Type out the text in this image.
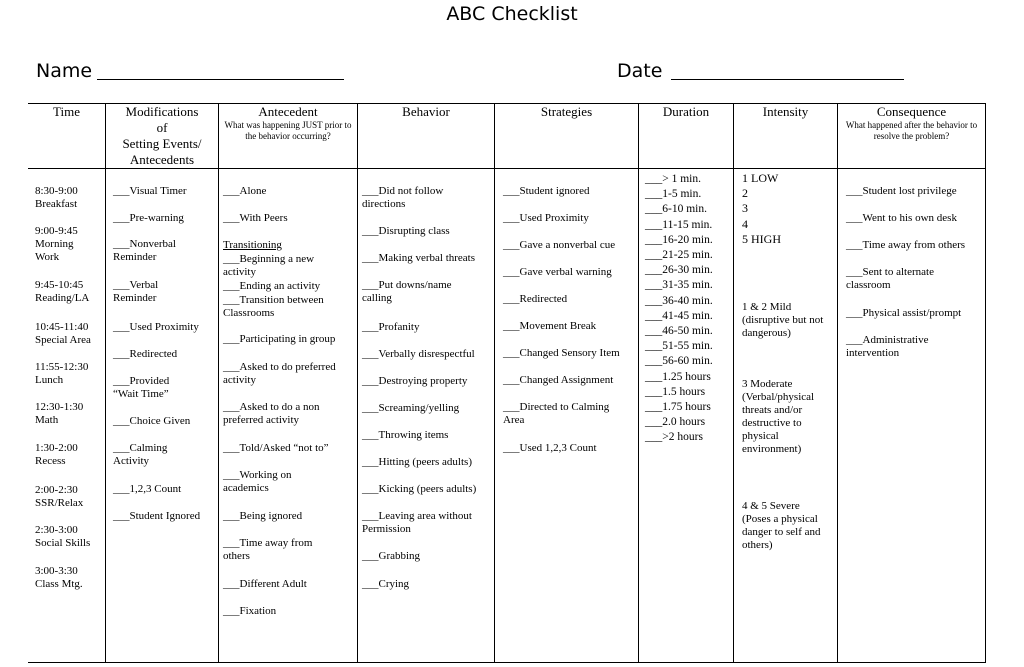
ABC Checklist
Name	Date
Time
8:30-9:00
Breakfast
9:00-9:45
Morning
Work
9:45-10:45
Reading/LA
10:45-11:40
Special Area
11:55-12:30
Lunch
12:30-1:30
Math
1:30-2:00
Recess
2:00-2:30
SSR/Relax
2:30-3:00
Social Skills
3:00-3:30
Class Mtg.
Modifications
of
Setting Events/
Antecedents
___Visual Timer
___Pre-warning
___Nonverbal
Reminder
___Verbal
Reminder
___Used Proximity
___Redirected
___Provided
“Wait Time”
___Choice Given
___Calming
Activity
___1,2,3 Count
___Student Ignored
Antecedent
What was happening JUST prior to the behavior occurring?
___Alone
___With Peers
Transitioning
___Beginning a new
activity
___Ending an activity
___Transition between
Classrooms
___Participating in group
___Asked to do preferred
activity
___Asked to do a non
preferred activity
___Told/Asked “not to”
___Working on
academics
___Being ignored
___Time away from
others
___Different Adult
___Fixation
Behavior
___Did not follow
directions
___Disrupting class
___Making verbal threats
___Put downs/name
calling
___Profanity
___Verbally disrespectful
___Destroying property
___Screaming/yelling
___Throwing items
___Hitting (peers adults)
___Kicking (peers adults)
___Leaving area without
Permission
___Grabbing
___Crying
Strategies
___Student ignored
___Used Proximity
___Gave a nonverbal cue
___Gave verbal warning
___Redirected
___Movement Break
___Changed Sensory Item
___Changed Assignment
___Directed to Calming
Area
___Used 1,2,3 Count
Duration
___> 1 min.
___1-5 min.
___6-10 min.
___11-15 min.
___16-20 min.
___21-25 min.
___26-30 min.
___31-35 min.
___36-40 min.
___41-45 min.
___46-50 min.
___51-55 min.
___56-60 min.
___1.25 hours
___1.5 hours
___1.75 hours
___2.0 hours
___>2 hours
Intensity
1 LOW
2
3
4
5 HIGH
1 & 2 Mild
(disruptive but not
dangerous)
3 Moderate
(Verbal/physical
threats and/or
destructive to
physical
environment)
4 & 5 Severe
(Poses a physical
danger to self and
others)
Consequence
What happened after the behavior to resolve the problem?
___Student lost privilege
___Went to his own desk
___Time away from others
___Sent to alternate
classroom
___Physical assist/prompt
___Administrative
intervention
